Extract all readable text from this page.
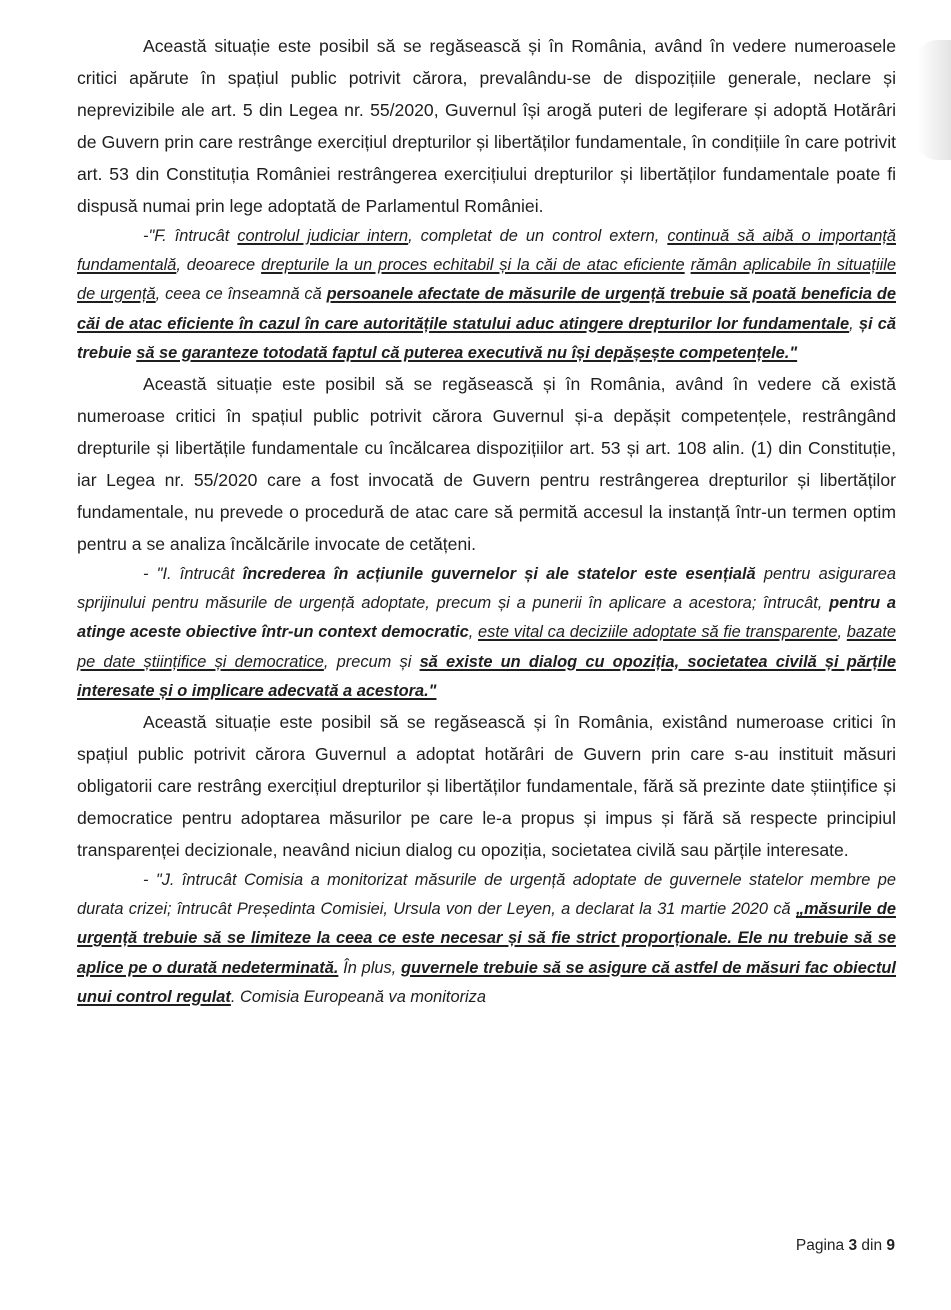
Această situație este posibil să se regăsească și în România, având în vedere numeroasele critici apărute în spațiul public potrivit cărora, prevalându-se de dispozițiile generale, neclare și neprevizibile ale art. 5 din Legea nr. 55/2020, Guvernul își arogă puteri de legiferare și adoptă Hotărâri de Guvern prin care restrânge exercițiul drepturilor și libertăților fundamentale, în condițiile în care potrivit art. 53 din Constituția României restrângerea exercițiului drepturilor și libertăților fundamentale poate fi dispusă numai prin lege adoptată de Parlamentul României.

-"F. întrucât controlul judiciar intern, completat de un control extern, continuă să aibă o importanță fundamentală, deoarece drepturile la un proces echitabil și la căi de atac eficiente rămân aplicabile în situațiile de urgență, ceea ce înseamnă că persoanele afectate de măsurile de urgență trebuie să poată beneficia de căi de atac eficiente în cazul în care autoritățile statului aduc atingere drepturilor lor fundamentale, și că trebuie să se garanteze totodată faptul că puterea executivă nu își depășește competențele."

Această situație este posibil să se regăsească și în România, având în vedere că există numeroase critici în spațiul public potrivit cărora Guvernul și-a depășit competențele, restrângând drepturile și libertățile fundamentale cu încălcarea dispozițiilor art. 53 și art. 108 alin. (1) din Constituție, iar Legea nr. 55/2020 care a fost invocată de Guvern pentru restrângerea drepturilor și libertăților fundamentale, nu prevede o procedură de atac care să permită accesul la instanță într-un termen optim pentru a se analiza încălcările invocate de cetățeni.

- "I. întrucât încrederea în acțiunile guvernelor și ale statelor este esențială pentru asigurarea sprijinului pentru măsurile de urgență adoptate, precum și a punerii în aplicare a acestora; întrucât, pentru a atinge aceste obiective într-un context democratic, este vital ca deciziile adoptate să fie transparente, bazate pe date științifice și democratice, precum și să existe un dialog cu opoziția, societatea civilă și părțile interesate și o implicare adecvată a acestora."

Această situație este posibil să se regăsească și în România, existând numeroase critici în spațiul public potrivit cărora Guvernul a adoptat hotărâri de Guvern prin care s-au instituit măsuri obligatorii care restrâng exercițiul drepturilor și libertăților fundamentale, fără să prezinte date științifice și democratice pentru adoptarea măsurilor pe care le-a propus și impus și fără să respecte principiul transparenței decizionale, neavând niciun dialog cu opoziția, societatea civilă sau părțile interesate.

- "J. întrucât Comisia a monitorizat măsurile de urgență adoptate de guvernele statelor membre pe durata crizei; întrucât Președinta Comisiei, Ursula von der Leyen, a declarat la 31 martie 2020 că „măsurile de urgență trebuie să se limiteze la ceea ce este necesar și să fie strict proporționale. Ele nu trebuie să se aplice pe o durată nedeterminată. În plus, guvernele trebuie să se asigure că astfel de măsuri fac obiectul unui control regulat. Comisia Europeană va monitoriza

Pagina 3 din 9
